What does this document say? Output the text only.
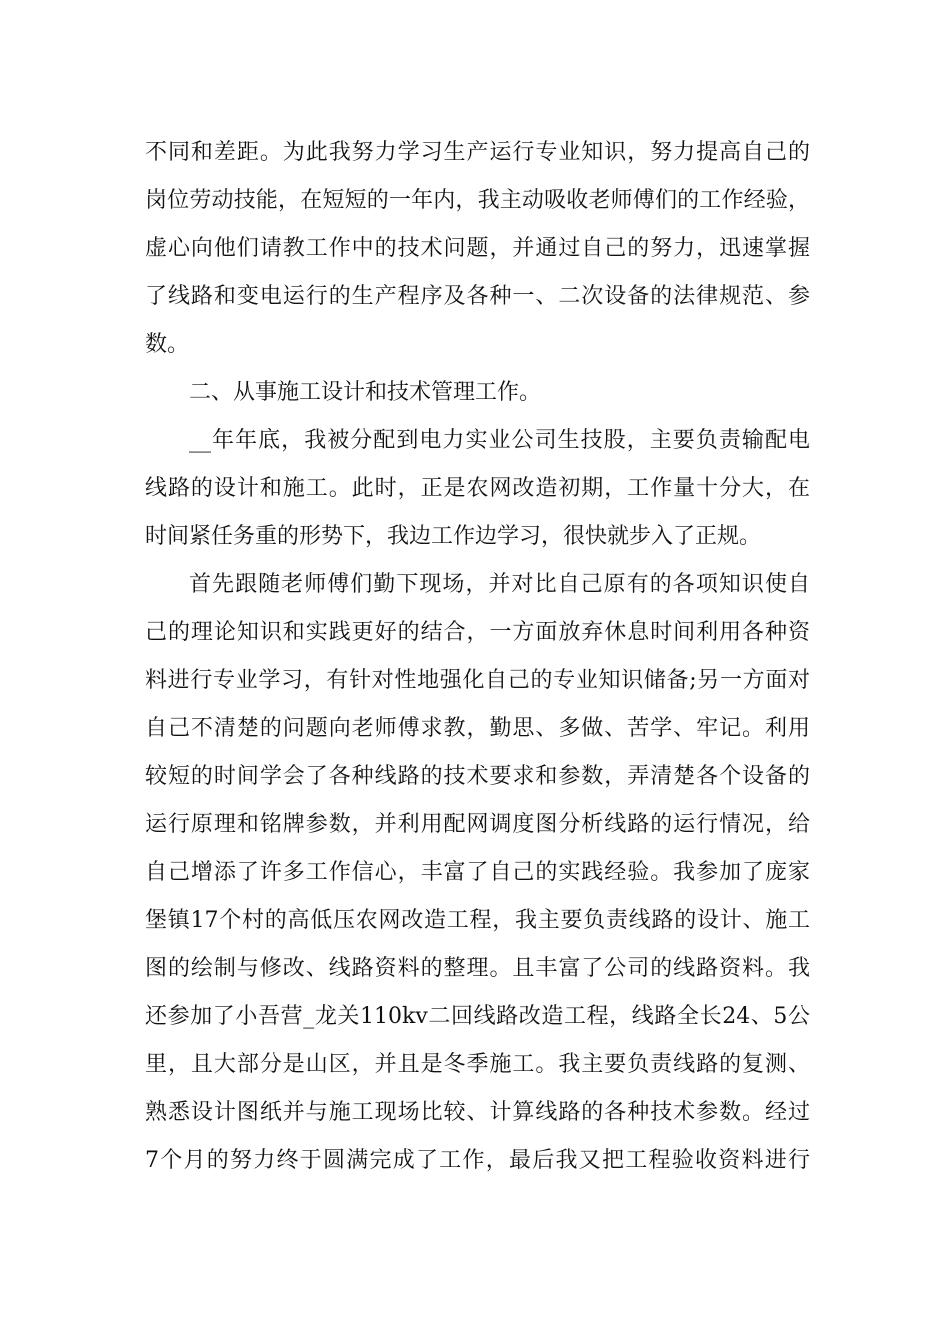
不同和差距。为此我努力学习生产运行专业知识，努力提高自己的
岗位劳动技能，在短短的一年内，我主动吸收老师傅们的工作经验，
虚心向他们请教工作中的技术问题，并通过自己的努力，迅速掌握
了线路和变电运行的生产程序及各种一、二次设备的法律规范、参
数。
二、从事施工设计和技术管理工作。
__年年底，我被分配到电力实业公司生技股，主要负责输配电
线路的设计和施工。此时，正是农网改造初期，工作量十分大，在
时间紧任务重的形势下，我边工作边学习，很快就步入了正规。
首先跟随老师傅们勤下现场，并对比自己原有的各项知识使自
己的理论知识和实践更好的结合，一方面放弃休息时间利用各种资
料进行专业学习，有针对性地强化自己的专业知识储备;另一方面对
自己不清楚的问题向老师傅求教，勤思、多做、苦学、牢记。利用
较短的时间学会了各种线路的技术要求和参数，弄清楚各个设备的
运行原理和铭牌参数，并利用配网调度图分析线路的运行情况，给
自己增添了许多工作信心，丰富了自己的实践经验。我参加了庞家
堡镇17个村的高低压农网改造工程，我主要负责线路的设计、施工
图的绘制与修改、线路资料的整理。且丰富了公司的线路资料。我
还参加了小吾营_龙关110kv二回线路改造工程，线路全长24、5公
里，且大部分是山区，并且是冬季施工。我主要负责线路的复测、
熟悉设计图纸并与施工现场比较、计算线路的各种技术参数。经过
7个月的努力终于圆满完成了工作，最后我又把工程验收资料进行
